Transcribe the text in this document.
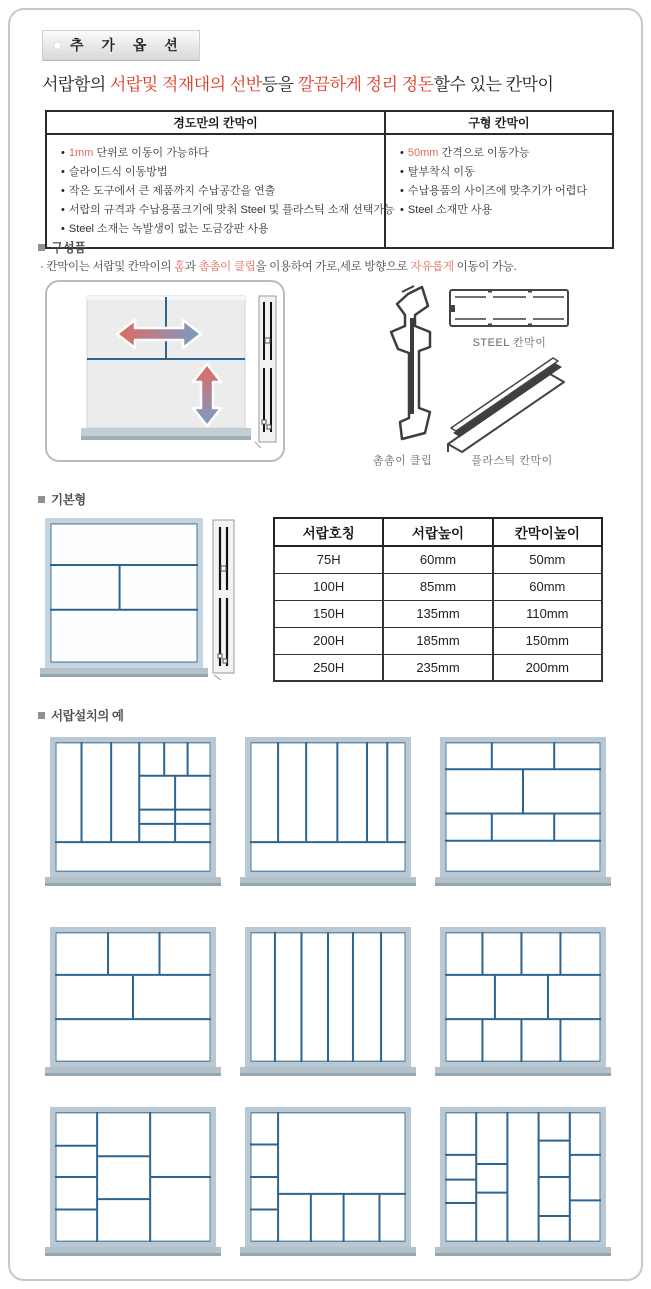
추 가 옵 션
서랍함의 서랍및 적재대의 선반등을 깔끔하게 정리 정돈할수 있는 칸막이
경도만의 칸막이	구형 칸막이

• 1mm 단위로 이동이 가능하다
• 슬라이드식 이동방법
• 작은 도구에서 큰 제품까지 수납공간을 연출
• 서랍의 규격과 수납용품크기에 맞춰 Steel 및 플라스틱 소재 선택가능
• Steel 소재는 녹발생이 없는 도금강판 사용

• 50mm 간격으로 이동가능
• 탈부착식 이동
• 수납용품의 사이즈에 맞추기가 어렵다
• Steel 소재만 사용
구성품
· 칸막이는 서랍및 칸막이의 홈과 촘촘이 클립을 이용하여 가로,세로 방향으로 자유롭게 이동이 가능.
촘촘이 클립
STEEL 칸막이
플라스틱 칸막이
기본형
서랍호칭	서랍높이	칸막이높이
75H	60mm	50mm
100H	85mm	60mm
150H	135mm	110mm
200H	185mm	150mm
250H	235mm	200mm
서랍설치의 예
